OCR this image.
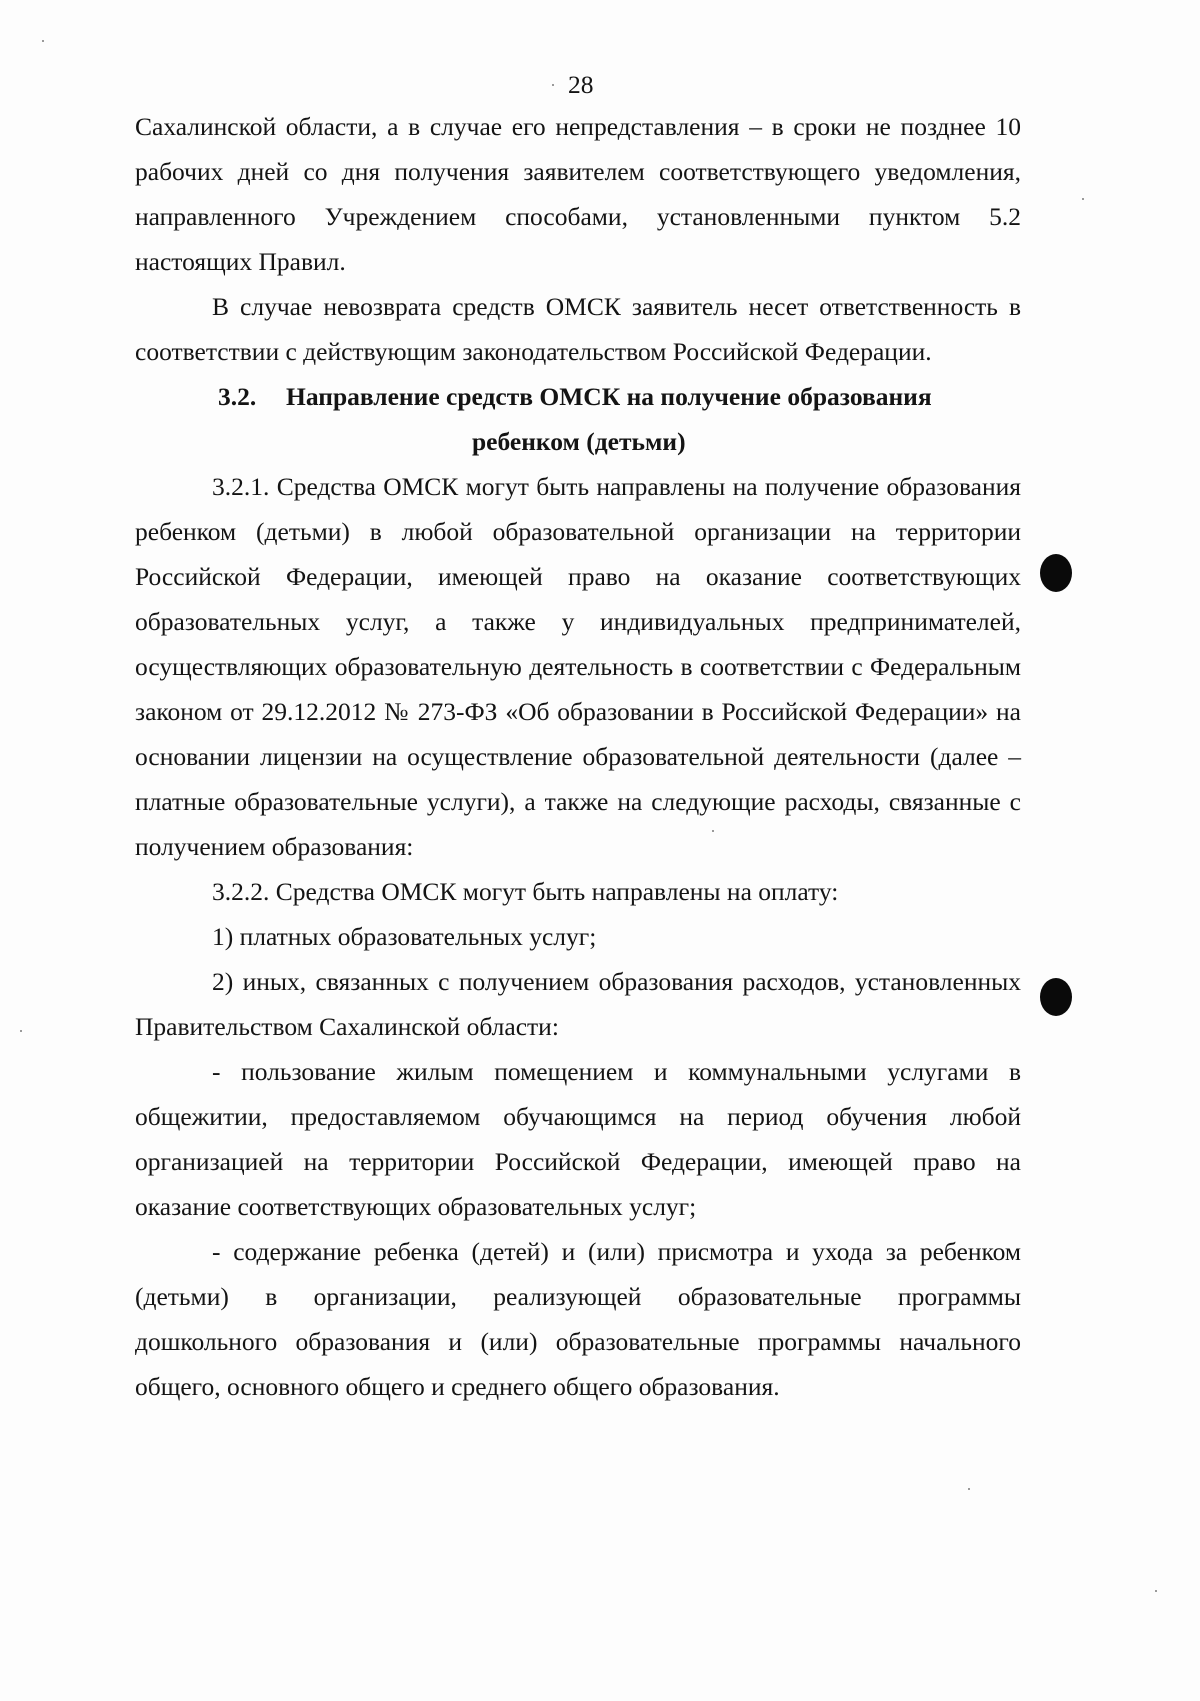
28
Сахалинской области, а в случае его непредставления – в сроки не позднее 10
рабочих дней со дня получения заявителем соответствующего уведомления,
направленного Учреждением способами, установленными пунктом 5.2
настоящих Правил.
В случае невозврата средств ОМСК заявитель несет ответственность в
соответствии с действующим законодательством Российской Федерации.
3.2. Направление средств ОМСК на получение образования
ребенком (детьми)
3.2.1. Средства ОМСК могут быть направлены на получение образования
ребенком (детьми) в любой образовательной организации на территории
Российской Федерации, имеющей право на оказание соответствующих
образовательных услуг, а также у индивидуальных предпринимателей,
осуществляющих образовательную деятельность в соответствии с Федеральным
законом от 29.12.2012 № 273-ФЗ «Об образовании в Российской Федерации» на
основании лицензии на осуществление образовательной деятельности (далее –
платные образовательные услуги), а также на следующие расходы, связанные с
получением образования:
3.2.2. Средства ОМСК могут быть направлены на оплату:
1) платных образовательных услуг;
2) иных, связанных с получением образования расходов, установленных
Правительством Сахалинской области:
- пользование жилым помещением и коммунальными услугами в
общежитии, предоставляемом обучающимся на период обучения любой
организацией на территории Российской Федерации, имеющей право на
оказание соответствующих образовательных услуг;
- содержание ребенка (детей) и (или) присмотра и ухода за ребенком
(детьми) в организации, реализующей образовательные программы
дошкольного образования и (или) образовательные программы начального
общего, основного общего и среднего общего образования.
